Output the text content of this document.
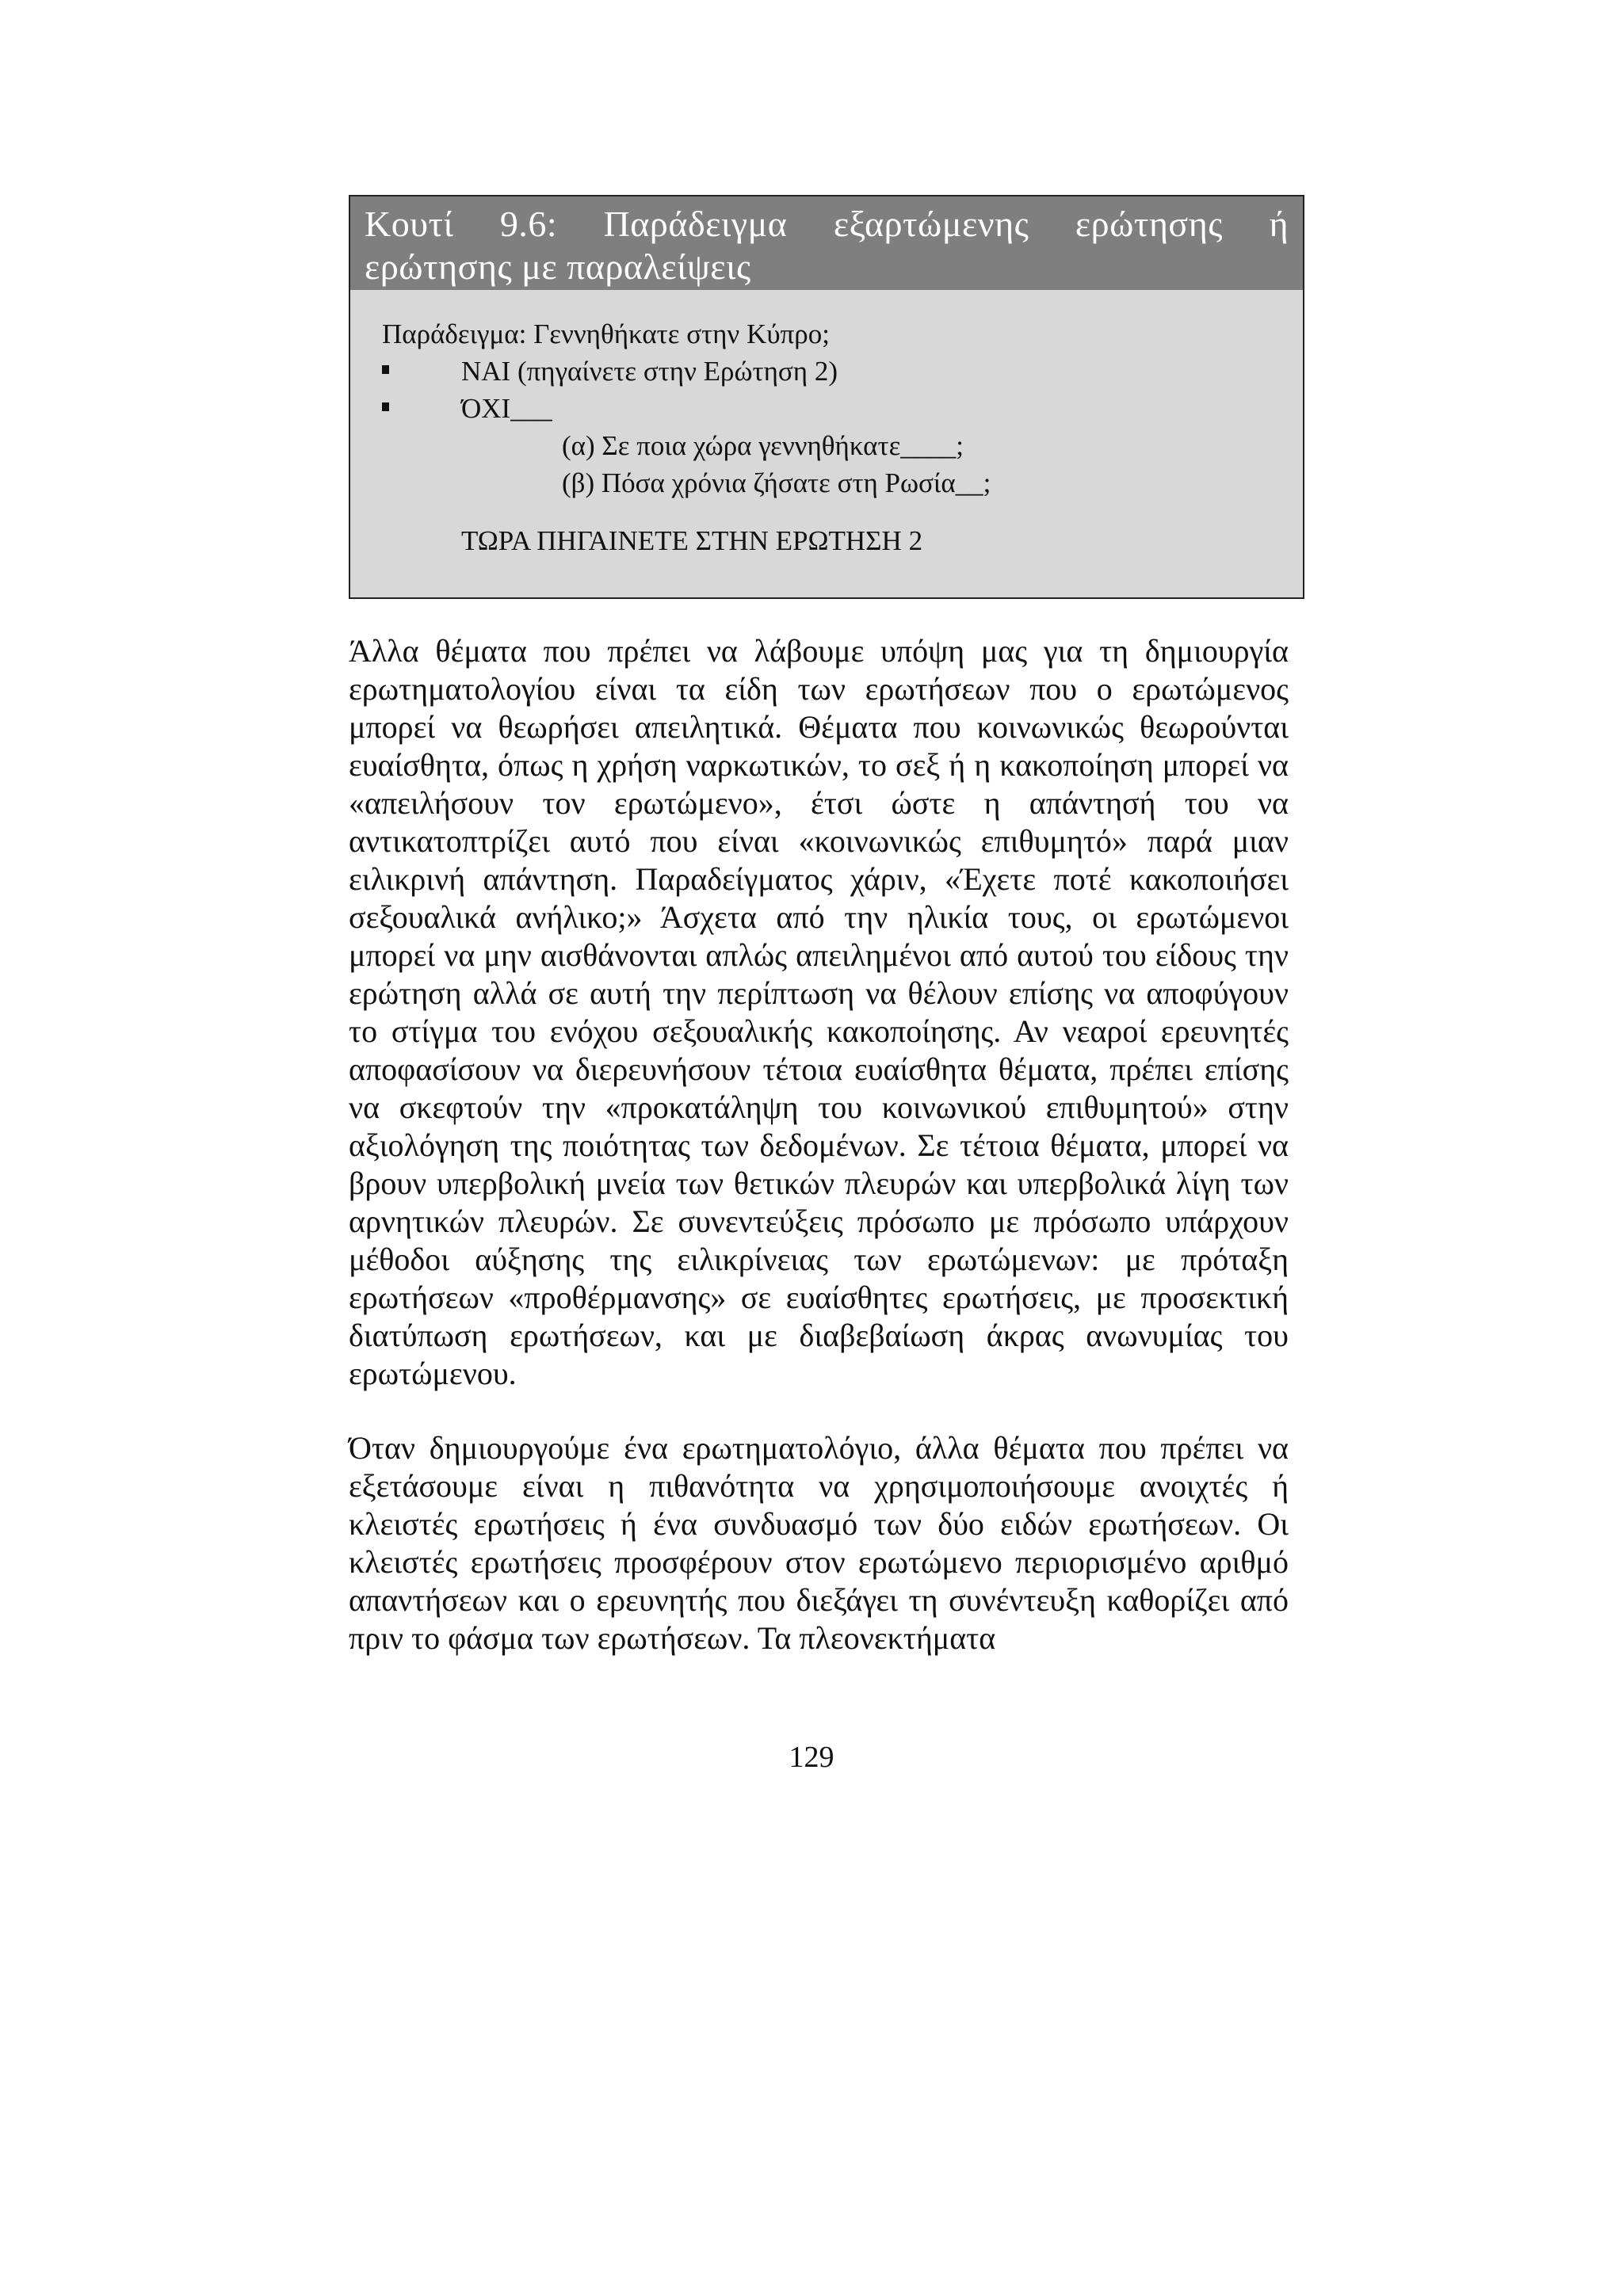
Κουτί 9.6: Παράδειγμα εξαρτώμενης ερώτησης ή
ερώτησης με παραλείψεις
Παράδειγμα: Γεννηθήκατε στην Κύπρο;
ΝΑΙ (πηγαίνετε στην Ερώτηση 2)
ΌΧΙ___
(α) Σε ποια χώρα γεννηθήκατε____;
(β) Πόσα χρόνια ζήσατε στη Ρωσία__;
ΤΩΡΑ ΠΗΓΑΙΝΕΤΕ ΣΤΗΝ ΕΡΩΤΗΣΗ 2

Άλλα θέματα που πρέπει να λάβουμε υπόψη μας για τη δημιουργία ερωτηματολογίου είναι τα είδη των ερωτήσεων που ο ερωτώμενος μπορεί να θεωρήσει απειλητικά. Θέματα που κοινωνικώς θεωρούνται ευαίσθητα, όπως η χρήση ναρκωτικών, το σεξ ή η κακοποίηση μπορεί να «απειλήσουν τον ερωτώμενο», έτσι ώστε η απάντησή του να αντικατοπτρίζει αυτό που είναι «κοινωνικώς επιθυμητό» παρά μιαν ειλικρινή απάντηση. Παραδείγματος χάριν, «Έχετε ποτέ κακοποιήσει σεξουαλικά ανήλικο;» Άσχετα από την ηλικία τους, οι ερωτώμενοι μπορεί να μην αισθάνονται απλώς απειλημένοι από αυτού του είδους την ερώτηση αλλά σε αυτή την περίπτωση να θέλουν επίσης να αποφύγουν το στίγμα του ενόχου σεξουαλικής κακοποίησης. Αν νεαροί ερευνητές αποφασίσουν να διερευνήσουν τέτοια ευαίσθητα θέματα, πρέπει επίσης να σκεφτούν την «προκατάληψη του κοινωνικού επιθυμητού» στην αξιολόγηση της ποιότητας των δεδομένων. Σε τέτοια θέματα, μπορεί να βρουν υπερβολική μνεία των θετικών πλευρών και υπερβολικά λίγη των αρνητικών πλευρών. Σε συνεντεύξεις πρόσωπο με πρόσωπο υπάρχουν μέθοδοι αύξησης της ειλικρίνειας των ερωτώμενων: με πρόταξη ερωτήσεων «προθέρμανσης» σε ευαίσθητες ερωτήσεις, με προσεκτική διατύπωση ερωτήσεων, και με διαβεβαίωση άκρας ανωνυμίας του ερωτώμενου.

Όταν δημιουργούμε ένα ερωτηματολόγιο, άλλα θέματα που πρέπει να εξετάσουμε είναι η πιθανότητα να χρησιμοποιήσουμε ανοιχτές ή κλειστές ερωτήσεις ή ένα συνδυασμό των δύο ειδών ερωτήσεων. Οι κλειστές ερωτήσεις προσφέρουν στον ερωτώμενο περιορισμένο αριθμό απαντήσεων και ο ερευνητής που διεξάγει τη συνέντευξη καθορίζει από πριν το φάσμα των ερωτήσεων. Τα πλεονεκτήματα

129
